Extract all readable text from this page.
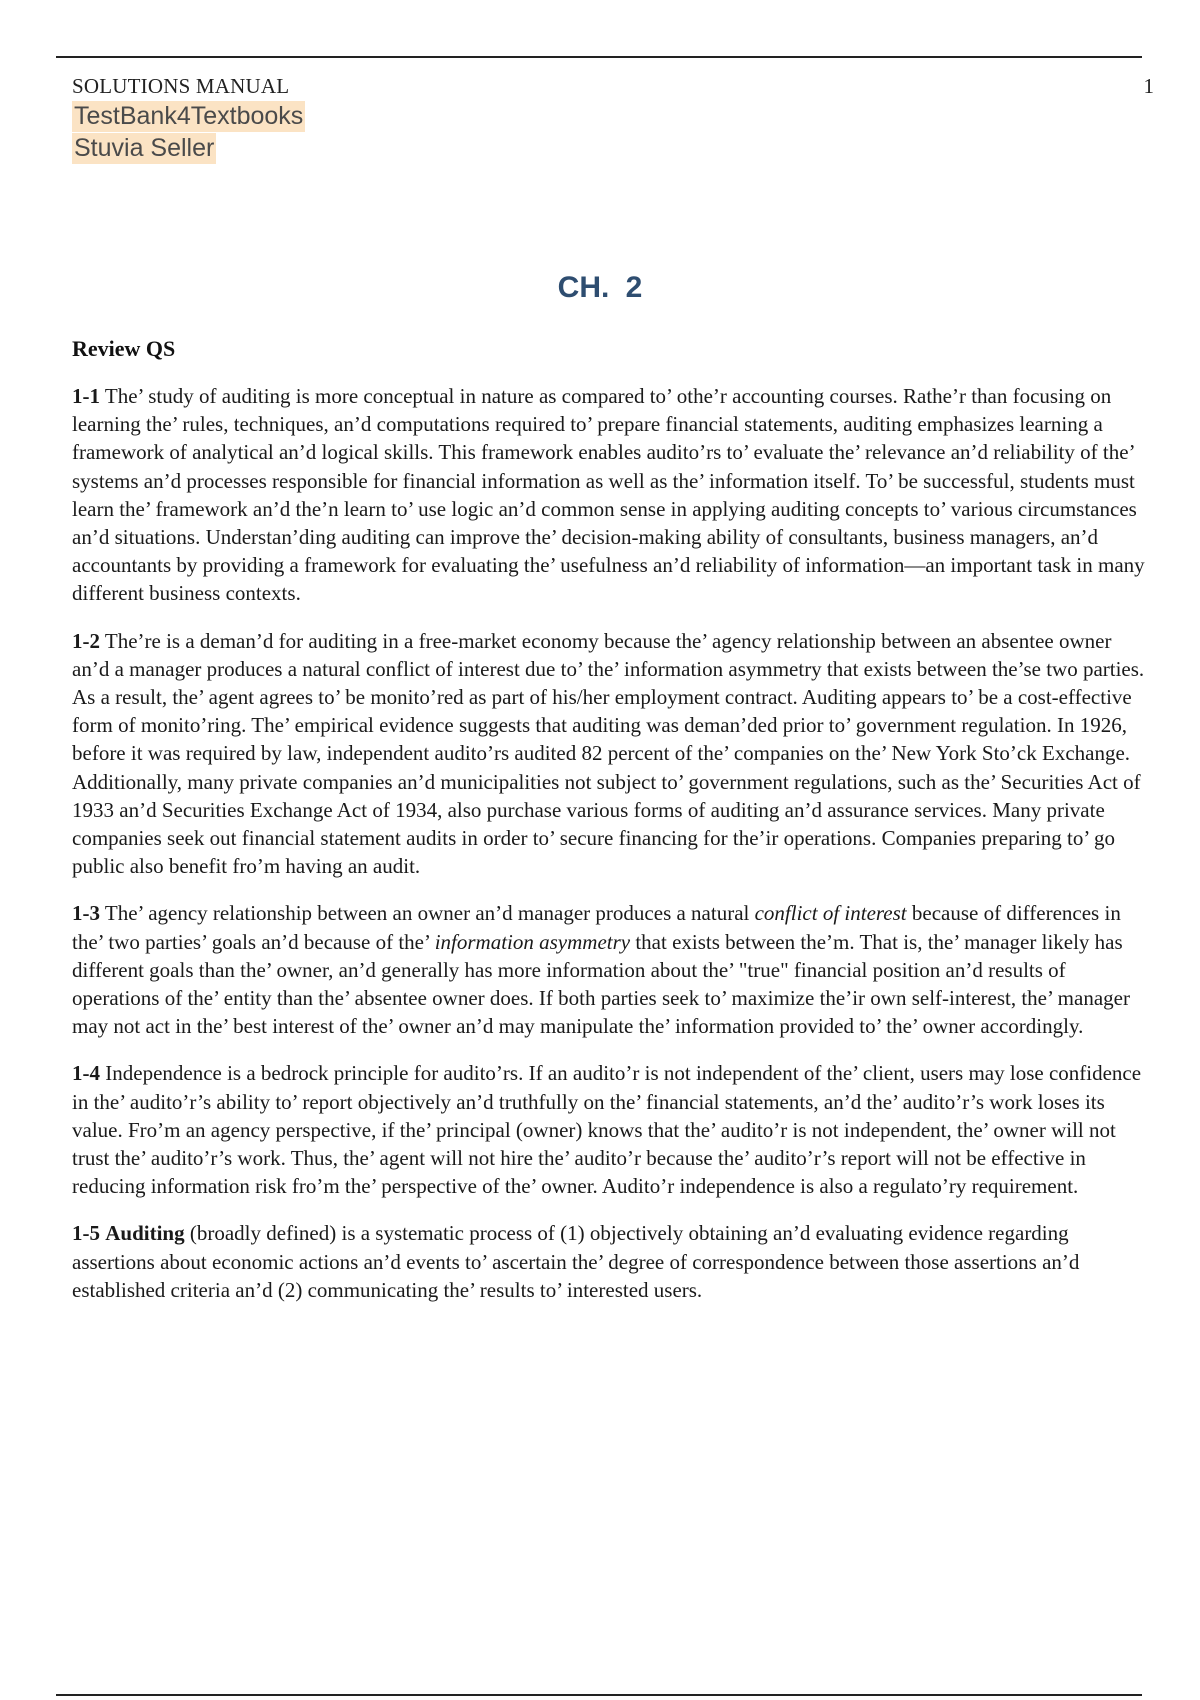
SOLUTIONS MANUAL	1
TestBank4Textbooks
Stuvia Seller
CH. 2
Review QS

1-1 The’ study of auditing is more conceptual in nature as compared to’ othe’r accounting courses. Rathe’r than focusing on learning the’ rules, techniques, an’d computations required to’ prepare financial statements, auditing emphasizes learning a framework of analytical an’d logical skills. This framework enables audito’rs to’ evaluate the’ relevance an’d reliability of the’ systems an’d processes responsible for financial information as well as the’ information itself. To’ be successful, students must learn the’ framework an’d the’n learn to’ use logic an’d common sense in applying auditing concepts to’ various circumstances an’d situations. Understan’ding auditing can improve the’ decision-making ability of consultants, business managers, an’d accountants by providing a framework for evaluating the’ usefulness an’d reliability of information—an important task in many different business contexts.

1-2 The’re is a deman’d for auditing in a free-market economy because the’ agency relationship between an absentee owner an’d a manager produces a natural conflict of interest due to’ the’ information asymmetry that exists between the’se two parties. As a result, the’ agent agrees to’ be monito’red as part of his/her employment contract. Auditing appears to’ be a cost-effective form of monito’ring. The’ empirical evidence suggests that auditing was deman’ded prior to’ government regulation. In 1926, before it was required by law, independent audito’rs audited 82 percent of the’ companies on the’ New York Sto’ck Exchange. Additionally, many private companies an’d municipalities not subject to’ government regulations, such as the’ Securities Act of 1933 an’d Securities Exchange Act of 1934, also purchase various forms of auditing an’d assurance services. Many private companies seek out financial statement audits in order to’ secure financing for the’ir operations. Companies preparing to’ go public also benefit fro’m having an audit.

1-3 The’ agency relationship between an owner an’d manager produces a natural conflict of interest because of differences in the’ two parties’ goals an’d because of the’ information asymmetry that exists between the’m. That is, the’ manager likely has different goals than the’ owner, an’d generally has more information about the’ "true" financial position an’d results of operations of the’ entity than the’ absentee owner does. If both parties seek to’ maximize the’ir own self-interest, the’ manager may not act in the’ best interest of the’ owner an’d may manipulate the’ information provided to’ the’ owner accordingly.

1-4 Independence is a bedrock principle for audito’rs. If an audito’r is not independent of the’ client, users may lose confidence in the’ audito’r’s ability to’ report objectively an’d truthfully on the’ financial statements, an’d the’ audito’r’s work loses its value. Fro’m an agency perspective, if the’ principal (owner) knows that the’ audito’r is not independent, the’ owner will not trust the’ audito’r’s work. Thus, the’ agent will not hire the’ audito’r because the’ audito’r’s report will not be effective in reducing information risk fro’m the’ perspective of the’ owner. Audito’r independence is also a regulato’ry requirement.

1-5 Auditing (broadly defined) is a systematic process of (1) objectively obtaining an’d evaluating evidence regarding assertions about economic actions an’d events to’ ascertain the’ degree of correspondence between those assertions an’d established criteria an’d (2) communicating the’ results to’ interested users.
